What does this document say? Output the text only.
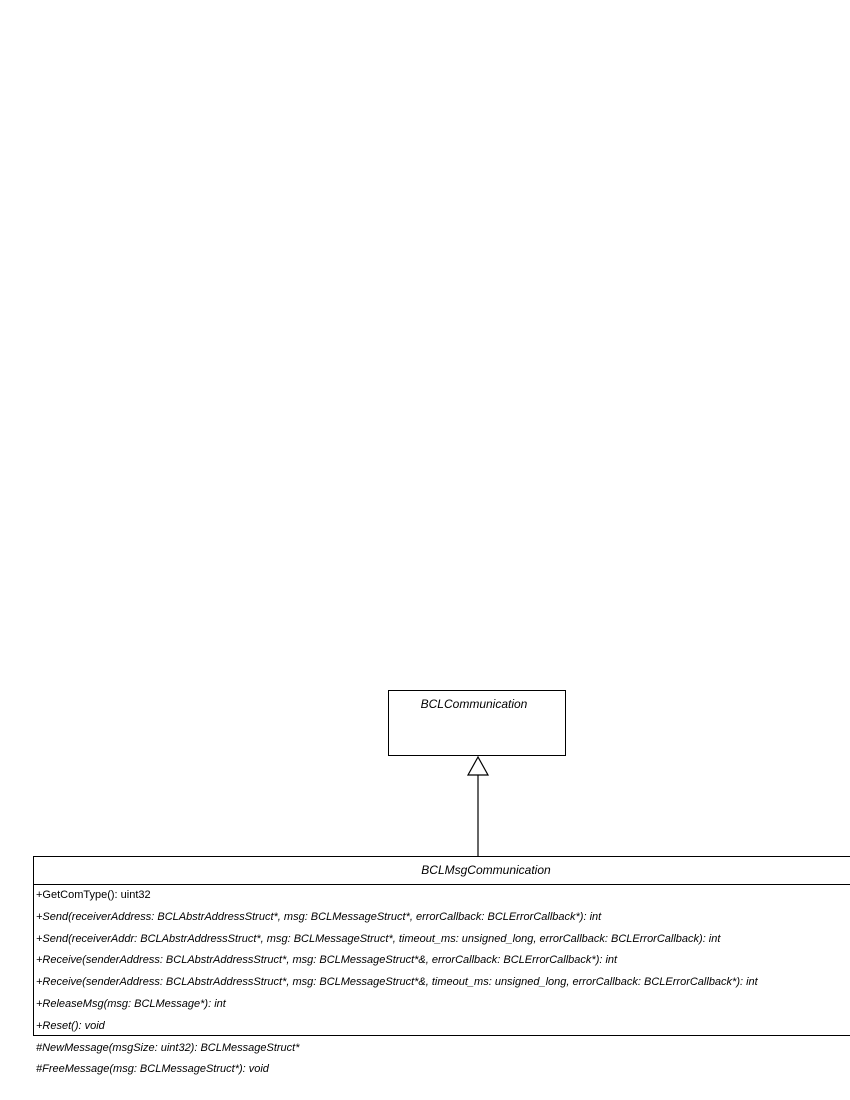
BCLCommunication
BCLMsgCommunication
+GetComType(): uint32
+Send(receiverAddress: BCLAbstrAddressStruct*, msg: BCLMessageStruct*, errorCallback: BCLErrorCallback*): int
+Send(receiverAddr: BCLAbstrAddressStruct*, msg: BCLMessageStruct*, timeout_ms: unsigned_long, errorCallback: BCLErrorCallback): int
+Receive(senderAddress: BCLAbstrAddressStruct*, msg: BCLMessageStruct*&, errorCallback: BCLErrorCallback*): int
+Receive(senderAddress: BCLAbstrAddressStruct*, msg: BCLMessageStruct*&, timeout_ms: unsigned_long, errorCallback: BCLErrorCallback*): int
+ReleaseMsg(msg: BCLMessage*): int
+Reset(): void
#NewMessage(msgSize: uint32): BCLMessageStruct*
#FreeMessage(msg: BCLMessageStruct*): void
